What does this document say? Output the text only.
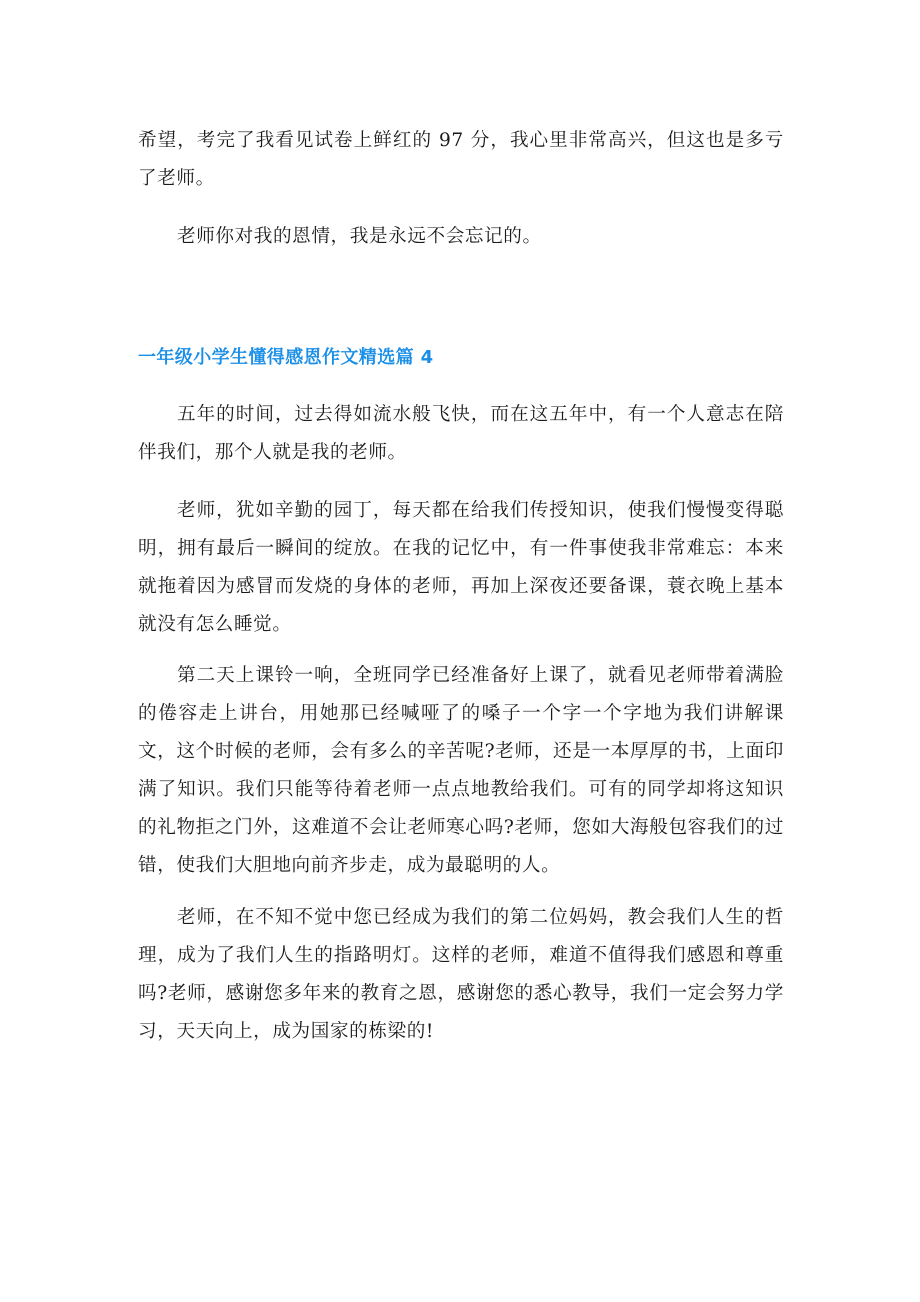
希望，考完了我看见试卷上鲜红的 97 分，我心里非常高兴，但这也是多亏了老师。

老师你对我的恩情，我是永远不会忘记的。

一年级小学生懂得感恩作文精选篇 4

五年的时间，过去得如流水般飞快，而在这五年中，有一个人意志在陪伴我们，那个人就是我的老师。

老师，犹如辛勤的园丁，每天都在给我们传授知识，使我们慢慢变得聪明，拥有最后一瞬间的绽放。在我的记忆中，有一件事使我非常难忘：本来就拖着因为感冒而发烧的身体的老师，再加上深夜还要备课，蓑衣晚上基本就没有怎么睡觉。

第二天上课铃一响，全班同学已经准备好上课了，就看见老师带着满脸的倦容走上讲台，用她那已经喊哑了的嗓子一个字一个字地为我们讲解课文，这个时候的老师，会有多么的辛苦呢?老师，还是一本厚厚的书，上面印满了知识。我们只能等待着老师一点点地教给我们。可有的同学却将这知识的礼物拒之门外，这难道不会让老师寒心吗?老师，您如大海般包容我们的过错，使我们大胆地向前齐步走，成为最聪明的人。

老师，在不知不觉中您已经成为我们的第二位妈妈，教会我们人生的哲理，成为了我们人生的指路明灯。这样的老师，难道不值得我们感恩和尊重吗?老师，感谢您多年来的教育之恩，感谢您的悉心教导，我们一定会努力学习，天天向上，成为国家的栋梁的!
